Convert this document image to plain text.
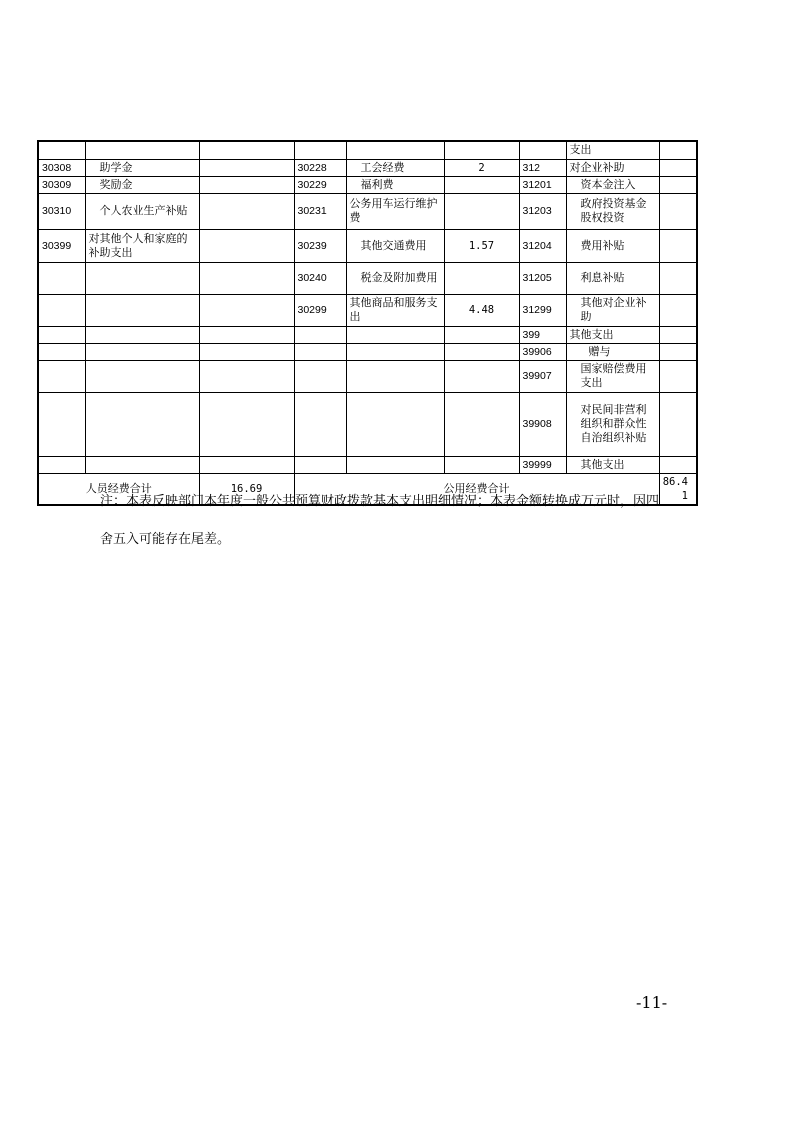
							支出	
30308	助学金		30228	工会经费	2	312	对企业补助	
30309	奖励金		30229	福利费		31201	资本金注入	
30310	个人农业生产补贴		30231	公务用车运行维护费		31203	政府投资基金股权投资	
30399	对其他个人和家庭的补助支出		30239	其他交通费用	1.57	31204	费用补贴	
			30240	税金及附加费用		31205	利息补贴	
			30299	其他商品和服务支出	4.48	31299	其他对企业补助	
						399	其他支出	
						39906	赠与	
						39907	国家赔偿费用支出	
						39908	对民间非营利组织和群众性自治组织补贴	
						39999	其他支出	
人员经费合计		16.69	公用经费合计					86.41

注：本表反映部门本年度一般公共预算财政拨款基本支出明细情况；本表金额转换成万元时，因四

舍五入可能存在尾差。

-11-
